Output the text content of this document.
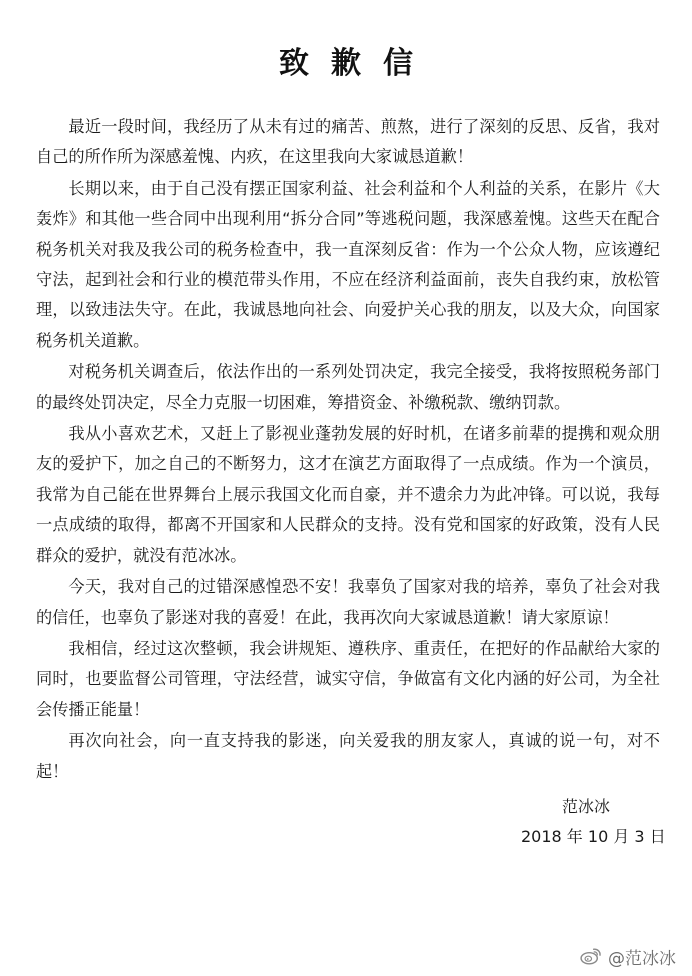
致歉信

最近一段时间，我经历了从未有过的痛苦、煎熬，进行了深刻的反思、反省，我对自己的所作所为深感羞愧、内疚，在这里我向大家诚恳道歉！

长期以来，由于自己没有摆正国家利益、社会利益和个人利益的关系，在影片《大轰炸》和其他一些合同中出现利用“拆分合同”等逃税问题，我深感羞愧。这些天在配合税务机关对我及我公司的税务检查中，我一直深刻反省：作为一个公众人物，应该遵纪守法，起到社会和行业的模范带头作用，不应在经济利益面前，丧失自我约束，放松管理，以致违法失守。在此，我诚恳地向社会、向爱护关心我的朋友，以及大众，向国家税务机关道歉。

对税务机关调查后，依法作出的一系列处罚决定，我完全接受，我将按照税务部门的最终处罚决定，尽全力克服一切困难，筹措资金、补缴税款、缴纳罚款。

我从小喜欢艺术，又赶上了影视业蓬勃发展的好时机，在诸多前辈的提携和观众朋友的爱护下，加之自己的不断努力，这才在演艺方面取得了一点成绩。作为一个演员，我常为自己能在世界舞台上展示我国文化而自豪，并不遗余力为此冲锋。可以说，我每一点成绩的取得，都离不开国家和人民群众的支持。没有党和国家的好政策，没有人民群众的爱护，就没有范冰冰。

今天，我对自己的过错深感惶恐不安！我辜负了国家对我的培养，辜负了社会对我的信任，也辜负了影迷对我的喜爱！在此，我再次向大家诚恳道歉！请大家原谅！

我相信，经过这次整顿，我会讲规矩、遵秩序、重责任，在把好的作品献给大家的同时，也要监督公司管理，守法经营，诚实守信，争做富有文化内涵的好公司，为全社会传播正能量！

再次向社会，向一直支持我的影迷，向关爱我的朋友家人，真诚的说一句，对不起！

范冰冰
2018 年 10 月 3 日
@范冰冰
